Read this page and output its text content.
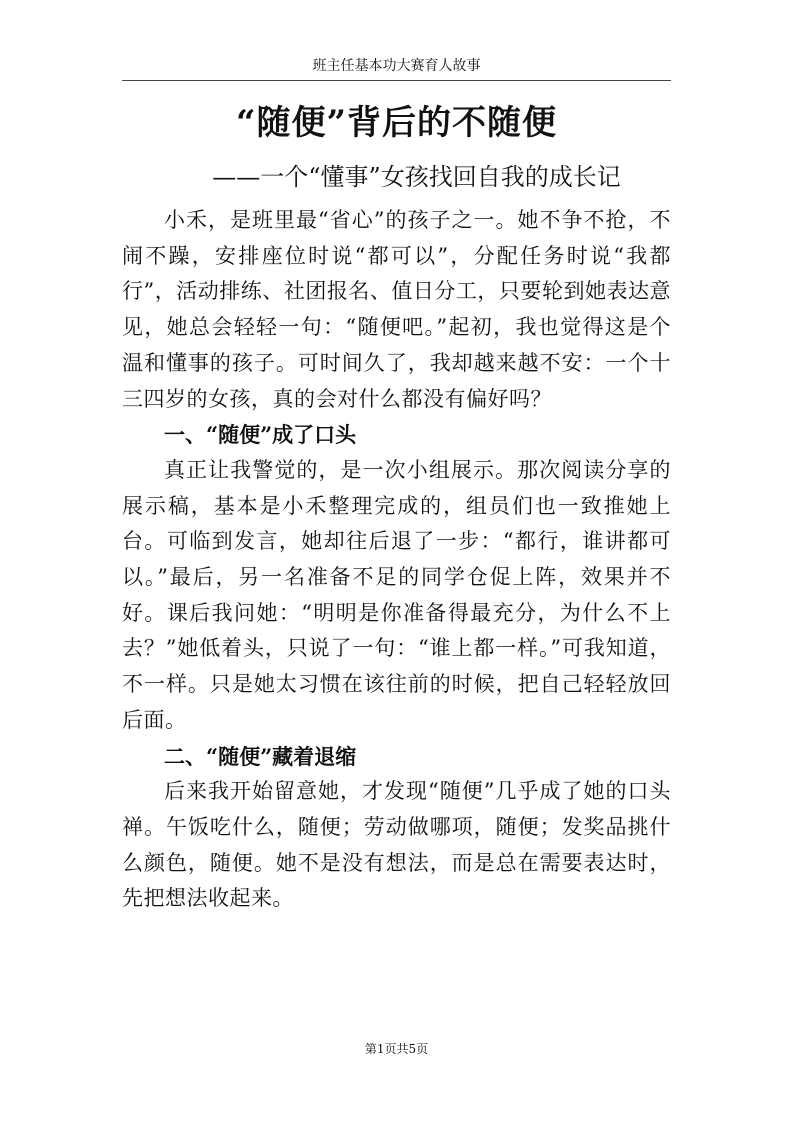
班主任基本功大赛育人故事
“随便”背后的不随便
——一个“懂事”女孩找回自我的成长记

小禾，是班里最“省心”的孩子之一。她不争不抢，不闹不躁，安排座位时说“都可以”，分配任务时说“我都行”，活动排练、社团报名、值日分工，只要轮到她表达意见，她总会轻轻一句：“随便吧。”起初，我也觉得这是个温和懂事的孩子。可时间久了，我却越来越不安：一个十三四岁的女孩，真的会对什么都没有偏好吗？

一、“随便”成了口头

真正让我警觉的，是一次小组展示。那次阅读分享的展示稿，基本是小禾整理完成的，组员们也一致推她上台。可临到发言，她却往后退了一步：“都行，谁讲都可以。”最后，另一名准备不足的同学仓促上阵，效果并不好。课后我问她：“明明是你准备得最充分，为什么不上去？”她低着头，只说了一句：“谁上都一样。”可我知道，不一样。只是她太习惯在该往前的时候，把自己轻轻放回后面。

二、“随便”藏着退缩

后来我开始留意她，才发现“随便”几乎成了她的口头禅。午饭吃什么，随便；劳动做哪项，随便；发奖品挑什么颜色，随便。她不是没有想法，而是总在需要表达时，先把想法收起来。

第1页共5页
